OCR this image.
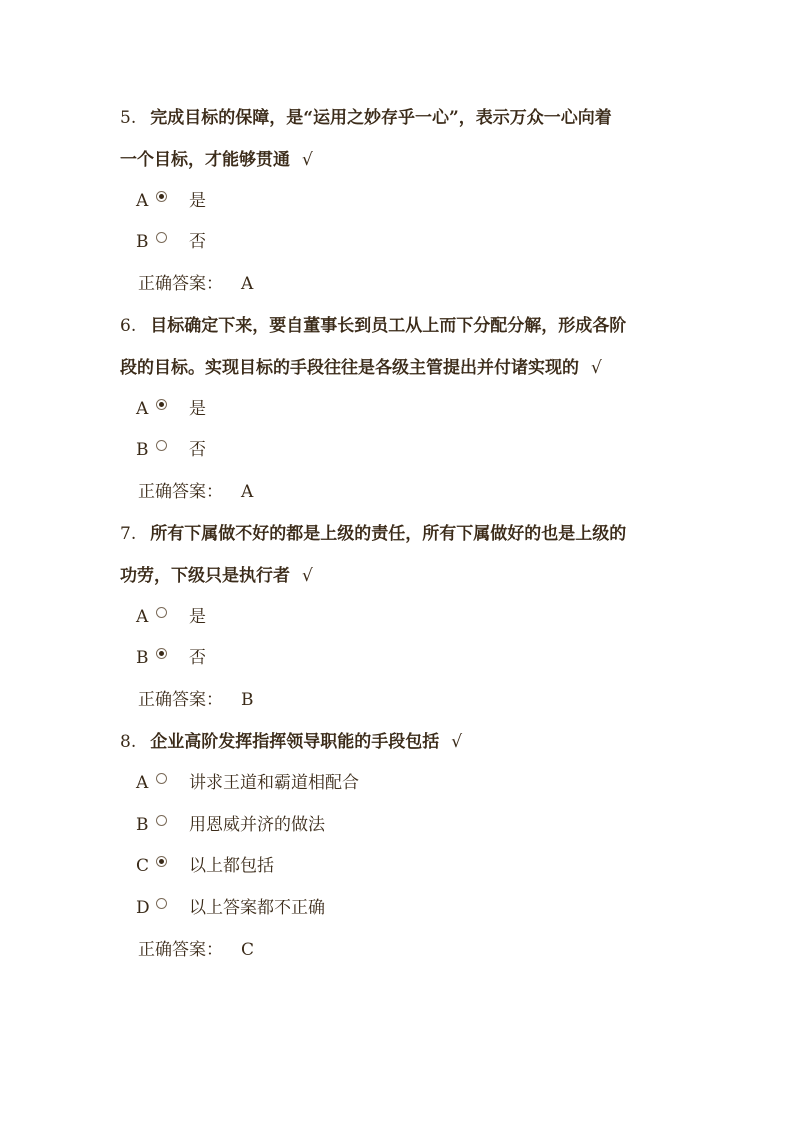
5. 完成目标的保障，是“运用之妙存乎一心”，表示万众一心向着
一个目标，才能够贯通 √
A 是
B 否
正确答案： A
6. 目标确定下来，要自董事长到员工从上而下分配分解，形成各阶
段的目标。实现目标的手段往往是各级主管提出并付诸实现的 √
A 是
B 否
正确答案： A
7. 所有下属做不好的都是上级的责任，所有下属做好的也是上级的
功劳，下级只是执行者 √
A 是
B 否
正确答案： B
8. 企业高阶发挥指挥领导职能的手段包括 √
A 讲求王道和霸道相配合
B 用恩威并济的做法
C 以上都包括
D 以上答案都不正确
正确答案： C
